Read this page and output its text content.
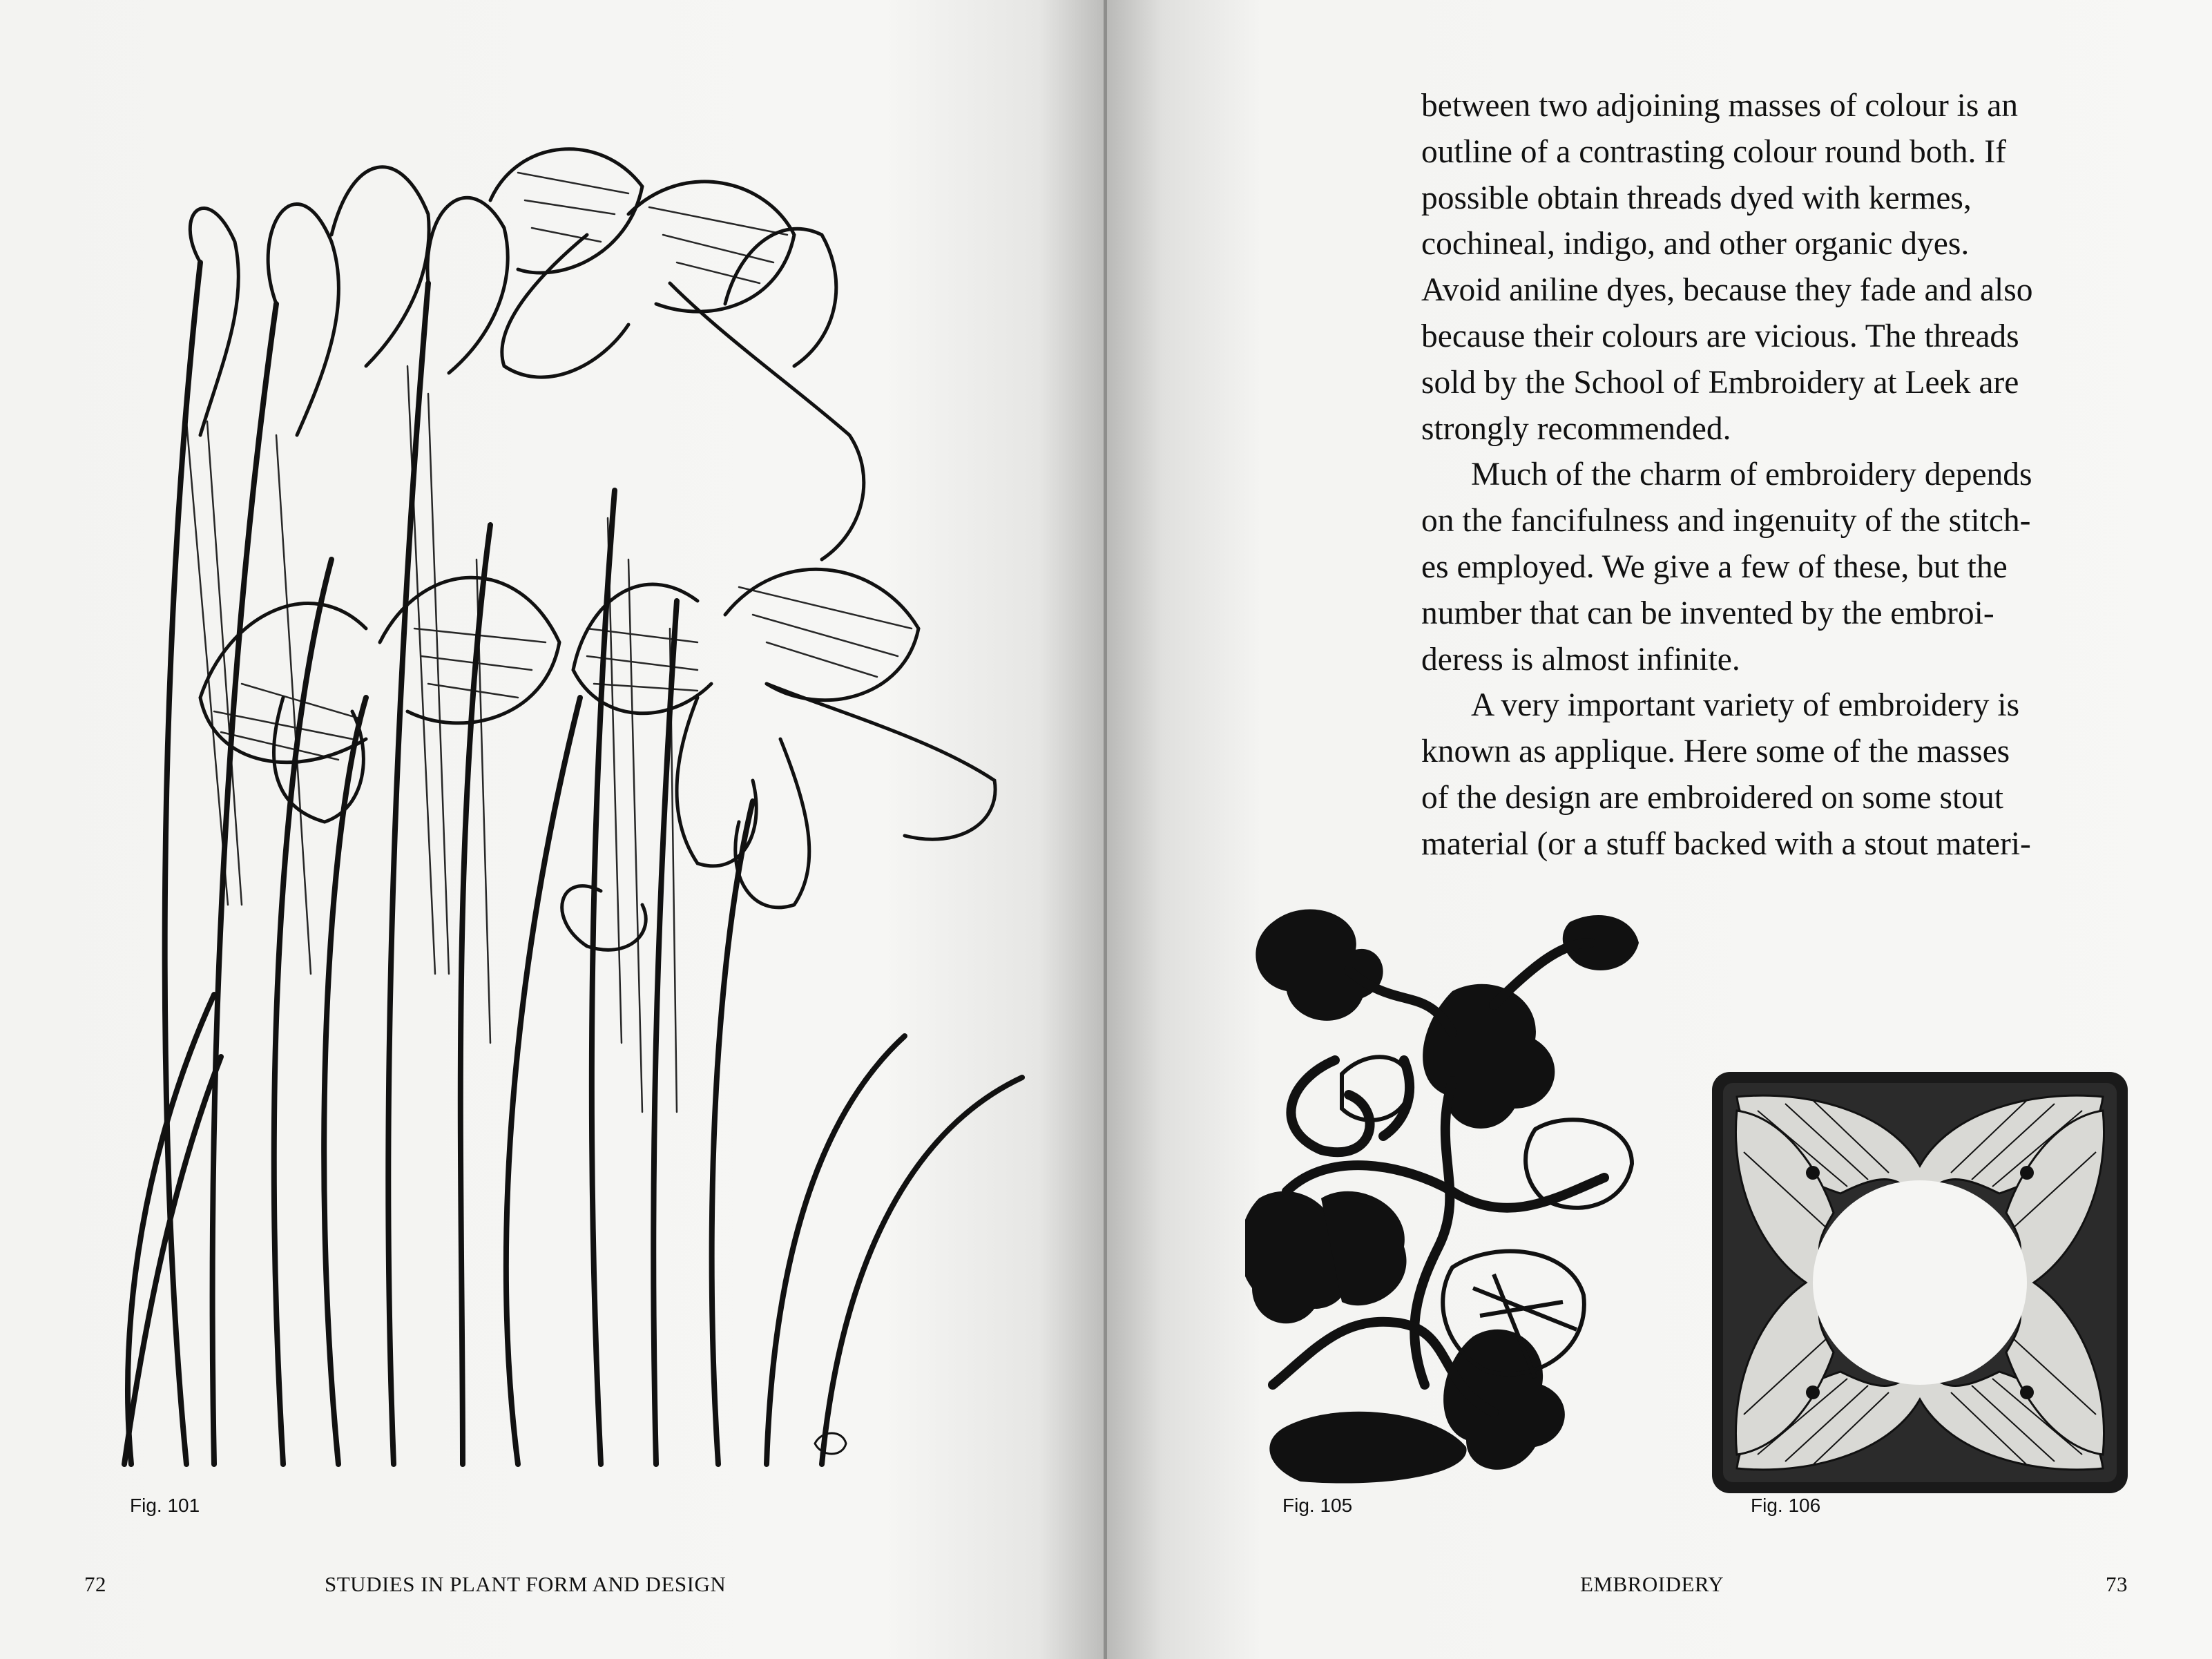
Fig. 101
72	STUDIES IN PLANT FORM AND DESIGN
between two adjoining masses of colour is an
outline of a contrasting colour round both. If
possible obtain threads dyed with kermes,
cochineal, indigo, and other organic dyes.
Avoid aniline dyes, because they fade and also
because their colours are vicious. The threads
sold by the School of Embroidery at Leek are
strongly recommended.
Much of the charm of embroidery depends
on the fancifulness and ingenuity of the stitch-
es employed. We give a few of these, but the
number that can be invented by the embroi-
deress is almost infinite.
A very important variety of embroidery is
known as applique. Here some of the masses
of the design are embroidered on some stout
material (or a stuff backed with a stout materi-
Fig. 105	Fig. 106
EMBROIDERY	73
